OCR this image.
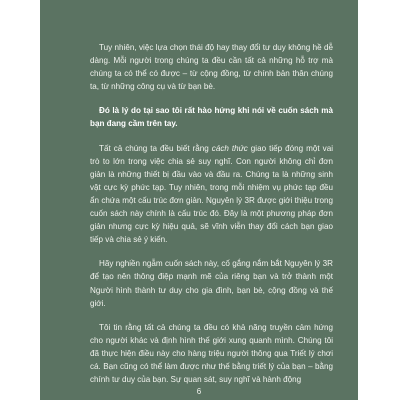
Tuy nhiên, việc lựa chọn thái độ hay thay đổi tư duy không hề dễ dàng. Mỗi người trong chúng ta đều cần tất cả những hỗ trợ mà chúng ta có thể có được – từ cộng đồng, từ chính bản thân chúng ta, từ những công cụ và từ bạn bè.

Đó là lý do tại sao tôi rất hào hứng khi nói về cuốn sách mà bạn đang cầm trên tay.

Tất cả chúng ta đều biết rằng cách thức giao tiếp đóng một vai trò to lớn trong việc chia sẻ suy nghĩ. Con người không chỉ đơn giản là những thiết bị đầu vào và đầu ra. Chúng ta là những sinh vật cực kỳ phức tạp. Tuy nhiên, trong mỗi nhiệm vụ phức tạp đều ẩn chứa một cấu trúc đơn giản. Nguyên lý 3R được giới thiệu trong cuốn sách này chính là cấu trúc đó. Đây là một phương pháp đơn giản nhưng cực kỳ hiệu quả, sẽ vĩnh viễn thay đổi cách bạn giao tiếp và chia sẻ ý kiến.

Hãy nghiền ngẫm cuốn sách này, cố gắng nắm bắt Nguyên lý 3R để tạo nên thông điệp mạnh mẽ của riêng bạn và trở thành một Người hình thành tư duy cho gia đình, bạn bè, cộng đồng và thế giới.

Tôi tin rằng tất cả chúng ta đều có khả năng truyền cảm hứng cho người khác và định hình thế giới xung quanh mình. Chúng tôi đã thực hiện điều này cho hàng triệu người thông qua Triết lý chơi cá. Bạn cũng có thể làm được như thế bằng triết lý của bạn – bằng chính tư duy của bạn. Sự quan sát, suy nghĩ và hành động

6
